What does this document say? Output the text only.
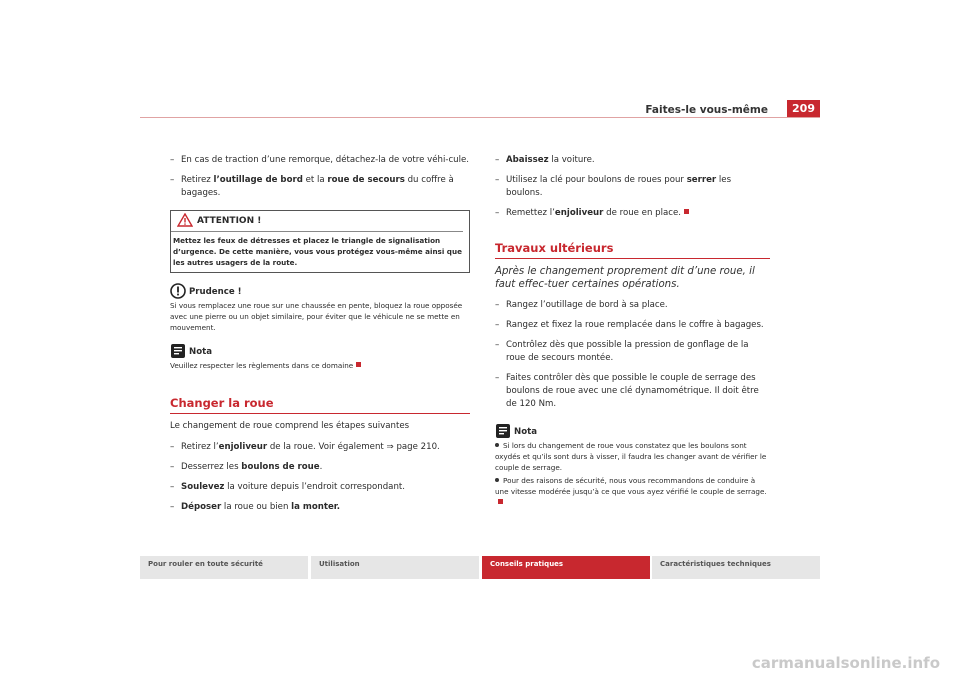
Faites-le vous-même	209
– En cas de traction d’une remorque, détachez-la de votre véhi-cule.
– Retirez l’outillage de bord et la roue de secours du coffre à bagages.
ATTENTION !
Mettez les feux de détresses et placez le triangle de signalisation d’urgence. De cette manière, vous vous protégez vous-même ainsi que les autres usagers de la route.
Prudence !
Si vous remplacez une roue sur une chaussée en pente, bloquez la roue opposée avec une pierre ou un objet similaire, pour éviter que le véhicule ne se mette en mouvement.
Nota
Veuillez respecter les règlements dans ce domaine
Changer la roue
Le changement de roue comprend les étapes suivantes
– Retirez l’enjoliveur de la roue. Voir également ⇒ page 210.
– Desserrez les boulons de roue.
– Soulevez la voiture depuis l’endroit correspondant.
– Déposer la roue ou bien la monter.
– Abaissez la voiture.
– Utilisez la clé pour boulons de roues pour serrer les boulons.
– Remettez l’enjoliveur de roue en place.
Travaux ultérieurs
Après le changement proprement dit d’une roue, il faut effec-tuer certaines opérations.
– Rangez l’outillage de bord à sa place.
– Rangez et fixez la roue remplacée dans le coffre à bagages.
– Contrôlez dès que possible la pression de gonflage de la roue de secours montée.
– Faites contrôler dès que possible le couple de serrage des boulons de roue avec une clé dynamométrique. Il doit être de 120 Nm.
Nota
Si lors du changement de roue vous constatez que les boulons sont oxydés et qu’ils sont durs à visser, il faudra les changer avant de vérifier le couple de serrage.
Pour des raisons de sécurité, nous vous recommandons de conduire à une vitesse modérée jusqu’à ce que vous ayez vérifié le couple de serrage.
Pour rouler en toute sécurité	Utilisation	Conseils pratiques	Caractéristiques techniques
carmanualsonline.info
